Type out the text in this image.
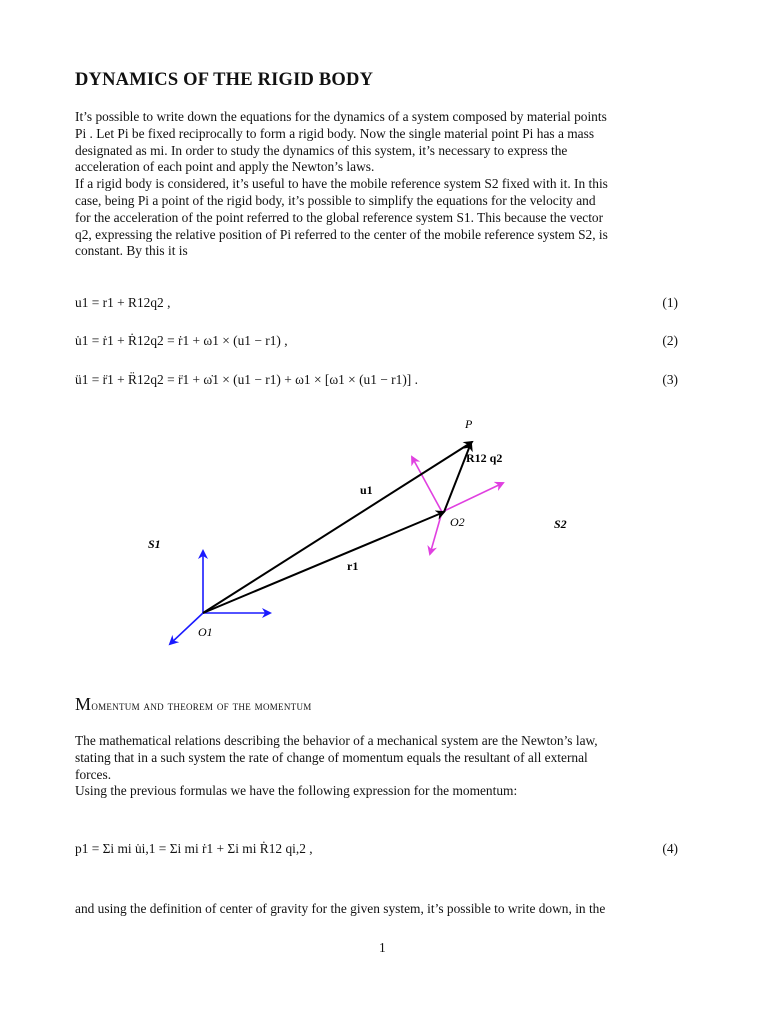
DYNAMICS OF THE RIGID BODY

It’s possible to write down the equations for the dynamics of a system composed by material points
Pi . Let Pi be fixed reciprocally to form a rigid body. Now the single material point Pi has a mass
designated as mi. In order to study the dynamics of this system, it’s necessary to express the
acceleration of each point and apply the Newton’s laws.
If a rigid body is considered, it’s useful to have the mobile reference system S2 fixed with it. In this
case, being Pi a point of the rigid body, it’s possible to simplify the equations for the velocity and
for the acceleration of the point referred to the global reference system S1. This because the vector
q2, expressing the relative position of Pi referred to the center of the mobile reference system S2, is
constant. By this it is

u1 = r1 + R12q2 ,	(1)
u̇1 = ṙ1 + Ṙ12q2 = ṙ1 + ω1 × (u1 − r1) ,	(2)
ü1 = r̈1 + R̈12q2 = r̈1 + ω̇1 × (u1 − r1) + ω1 × [ω1 × (u1 − r1)] .	(3)
P
R12 q2
u1
O2	S2
S1
r1
O1
Momentum and theorem of the momentum

The mathematical relations describing the behavior of a mechanical system are the Newton’s law,
stating that in a such system the rate of change of momentum equals the resultant of all external
forces.
Using the previous formulas we have the following expression for the momentum:

p1 = Σi mi u̇i,1 = Σi mi ṙ1 + Σi mi Ṙ12 qi,2 ,	(4)

and using the definition of center of gravity for the given system, it’s possible to write down, in the

1
